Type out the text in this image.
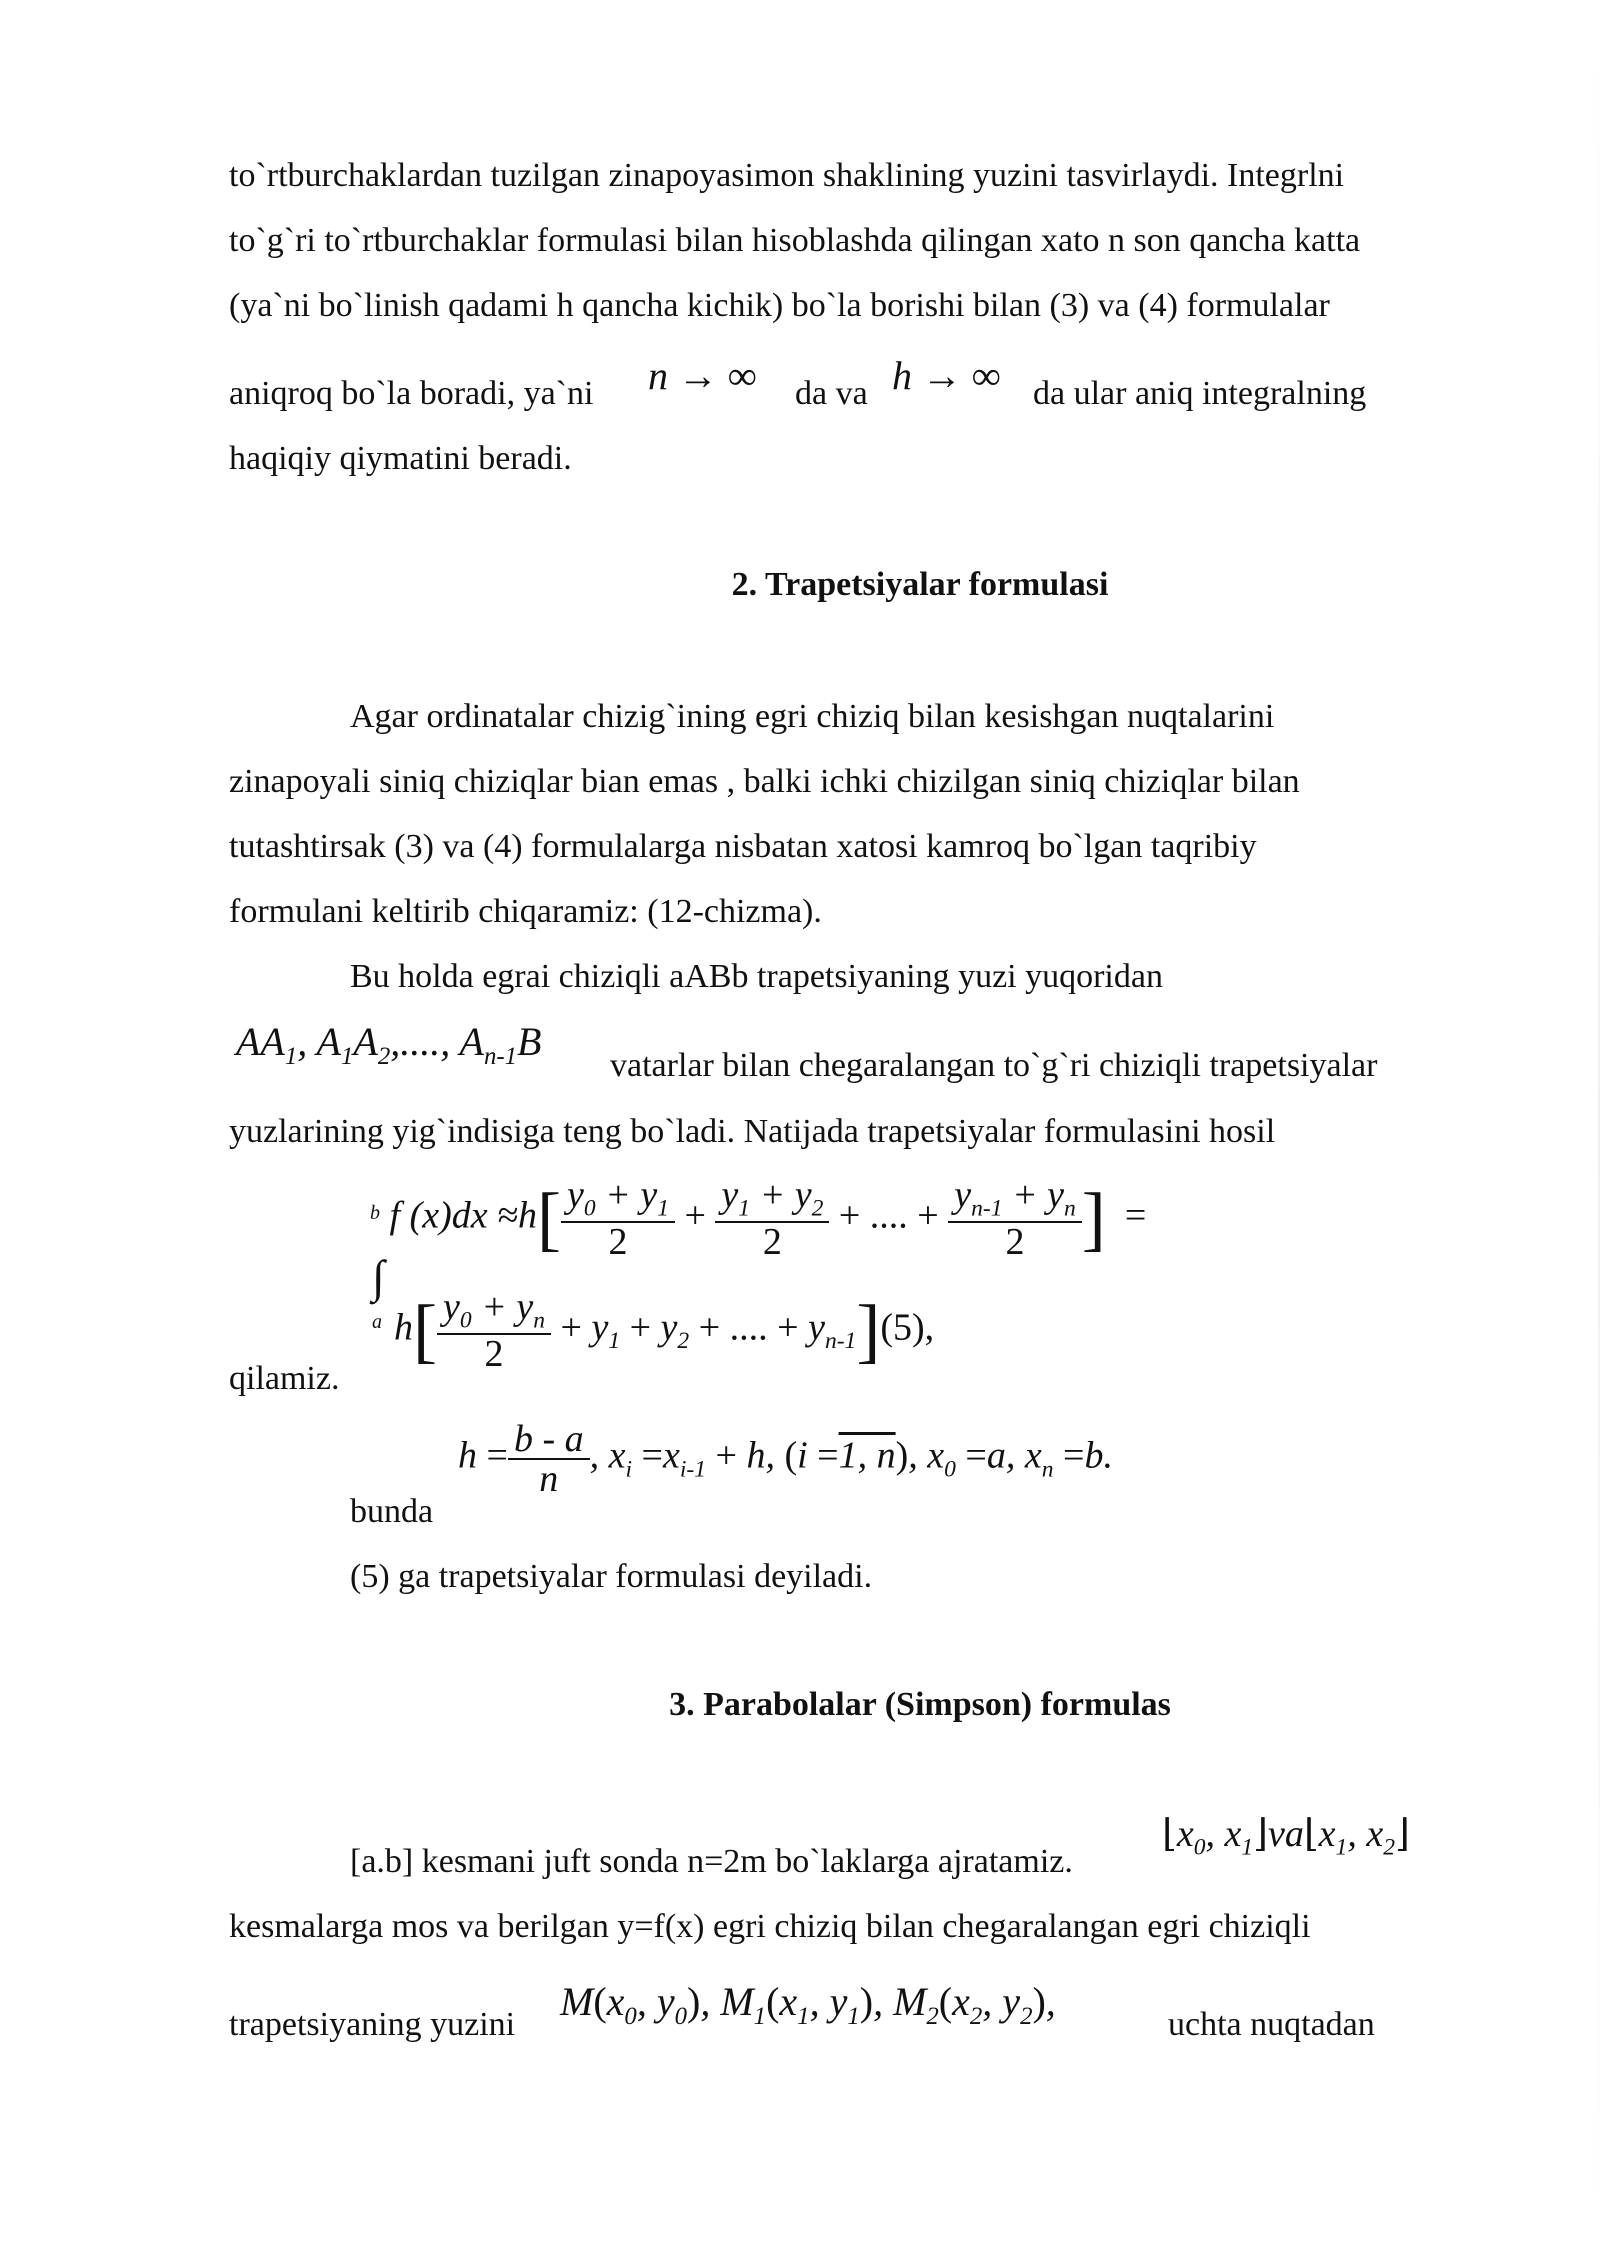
to`rtburchaklardan tuzilgan zinapoyasimon shaklining yuzini tasvirlaydi. Integrlni
to`g`ri to`rtburchaklar formulasi bilan hisoblashda qilingan xato n son qancha katta
(ya`ni bo`linish qadami h qancha kichik) bo`la borishi bilan (3) va (4) formulalar
aniqroq bo`la boradi, ya`ni n → ∞ da va h → ∞ da ular aniq integralning
haqiqiy qiymatini beradi.
2. Trapetsiyalar formulasi
Agar ordinatalar chizig`ining egri chiziq bilan kesishgan nuqtalarini
zinapoyali siniq chiziqlar bian emas , balki ichki chizilgan siniq chiziqlar bilan
tutashtirsak (3) va (4) formulalarga nisbatan xatosi kamroq bo`lgan taqribiy
formulani keltirib chiqaramiz: (12-chizma).
Bu holda egrai chiziqli aABb trapetsiyaning yuzi yuqoridan
$AA_1$, $A_1A_2$,...., $A_{n-1}B$
vatarlar bilan chegaralangan to`g`ri chiziqli trapetsiyalar
yuzlarining yig`indisiga teng bo`ladi. Natijada trapetsiyalar formulasini hosil
$^b$ f $(x)dx \approx h[ \frac{y_0 + y_1}{2} + \frac{y_1 + y_2}{2}$ + .... + $\frac{y_{n-1} + y_n}{2}$ ]  =
∫
a $h[ \frac{y_0 + y_n}{2} + y_1 + y_2$ + .... + $y_{n-1}](5)$,
qilamiz.
$h = \frac{b - a}{n}$ , $x_i =x_{i-1} + h$, (i =1, n), $x_0 =a$, $x_n =b$.
bunda
(5) ga trapetsiyalar formulasi deyiladi.
3. Parabolalar (Simpson) formulas
[a.b] kesmani juft sonda n=2m bo`laklarga ajratamiz.
$⌊x_0$, $x_1⌋va⌊x_1$, $x_2⌋$
kesmalarga mos va berilgan y=f(x) egri chiziq bilan chegaralangan egri chiziqli
trapetsiyaning yuzini
$M(x_0$, $y_0$), $M_1(x_1$, $y_1$), $M_2(x_2$, $y_2$),
uchta nuqtadan
